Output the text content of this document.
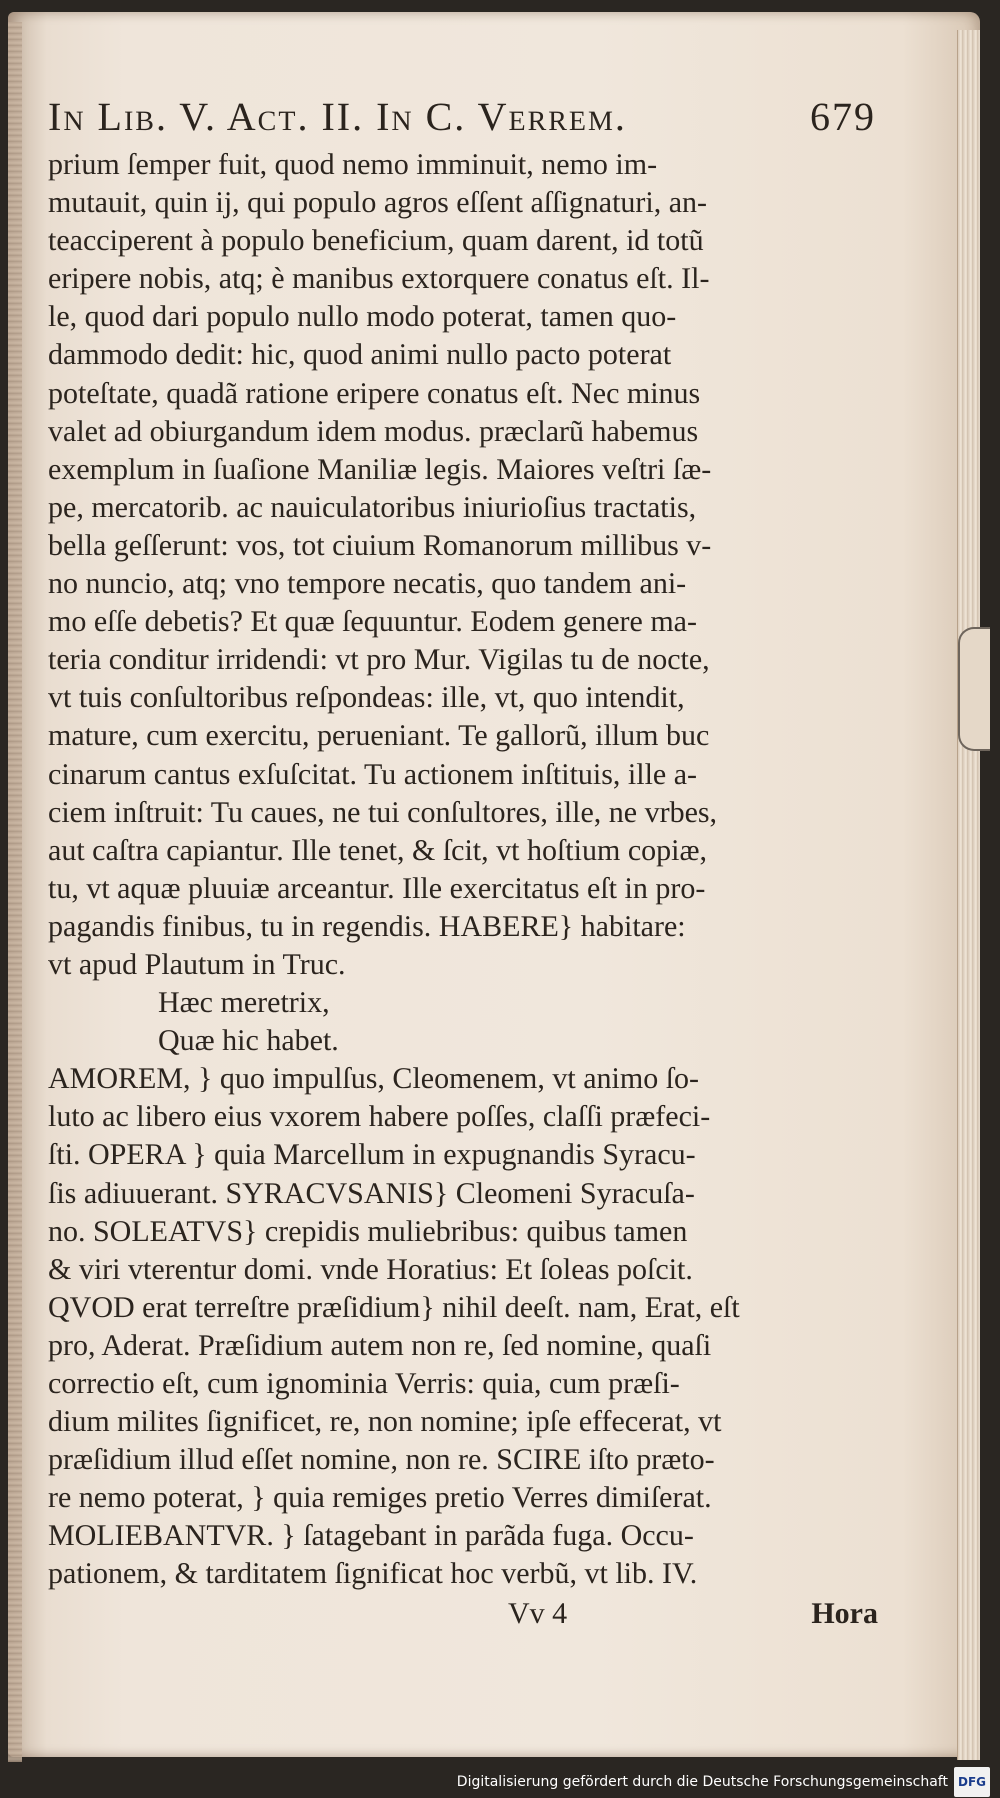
In Lib. V. Act. II. In C. Verrem.	679
prium ſemper fuit, quod nemo imminuit, nemo im-
mutauit, quin ij, qui populo agros eſſent aſſignaturi, an-
teacciperent à populo beneficium, quam darent, id totũ
eripere nobis, atq; è manibus extorquere conatus eſt. Il-
le, quod dari populo nullo modo poterat, tamen quo-
dammodo dedit: hic, quod animi nullo pacto poterat
poteſtate, quadã ratione eripere conatus eſt. Nec minus
valet ad obiurgandum idem modus. præclarũ habemus
exemplum in ſuaſione Maniliæ legis. Maiores veſtri ſæ-
pe, mercatorib. ac nauiculatoribus iniurioſius tractatis,
bella geſſerunt: vos, tot ciuium Romanorum millibus v-
no nuncio, atq; vno tempore necatis, quo tandem ani-
mo eſſe debetis? Et quæ ſequuntur. Eodem genere ma-
teria conditur irridendi: vt pro Mur. Vigilas tu de nocte,
vt tuis conſultoribus reſpondeas: ille, vt, quo intendit,
mature, cum exercitu, perueniant. Te gallorũ, illum buc
cinarum cantus exſuſcitat. Tu actionem inſtituis, ille a-
ciem inſtruit: Tu caues, ne tui conſultores, ille, ne vrbes,
aut caſtra capiantur. Ille tenet, & ſcit, vt hoſtium copiæ,
tu, vt aquæ pluuiæ arceantur. Ille exercitatus eſt in pro-
pagandis finibus, tu in regendis. HABERE} habitare:
vt apud Plautum in Truc.
Hæc meretrix,
Quæ hic habet.
AMOREM, } quo impulſus, Cleomenem, vt animo ſo-
luto ac libero eius vxorem habere poſſes, claſſi præfeci-
ſti. OPERA } quia Marcellum in expugnandis Syracu-
ſis adiuuerant. SYRACVSANIS} Cleomeni Syracuſa-
no. SOLEATVS} crepidis muliebribus: quibus tamen
& viri vterentur domi. vnde Horatius: Et ſoleas poſcit.
QVOD erat terreſtre præſidium} nihil deeſt. nam, Erat, eſt
pro, Aderat. Præſidium autem non re, ſed nomine, quaſi
correctio eſt, cum ignominia Verris: quia, cum præſi-
dium milites ſignificet, re, non nomine; ipſe effecerat, vt
præſidium illud eſſet nomine, non re. SCIRE iſto præto-
re nemo poterat, } quia remiges pretio Verres dimiſerat.
MOLIEBANTVR. } ſatagebant in parãda fuga. Occu-
pationem, & tarditatem ſignificat hoc verbũ, vt lib. IV.
Vv 4	Hora
Digitalisierung gefördert durch die Deutsche Forschungsgemeinschaft DFG
